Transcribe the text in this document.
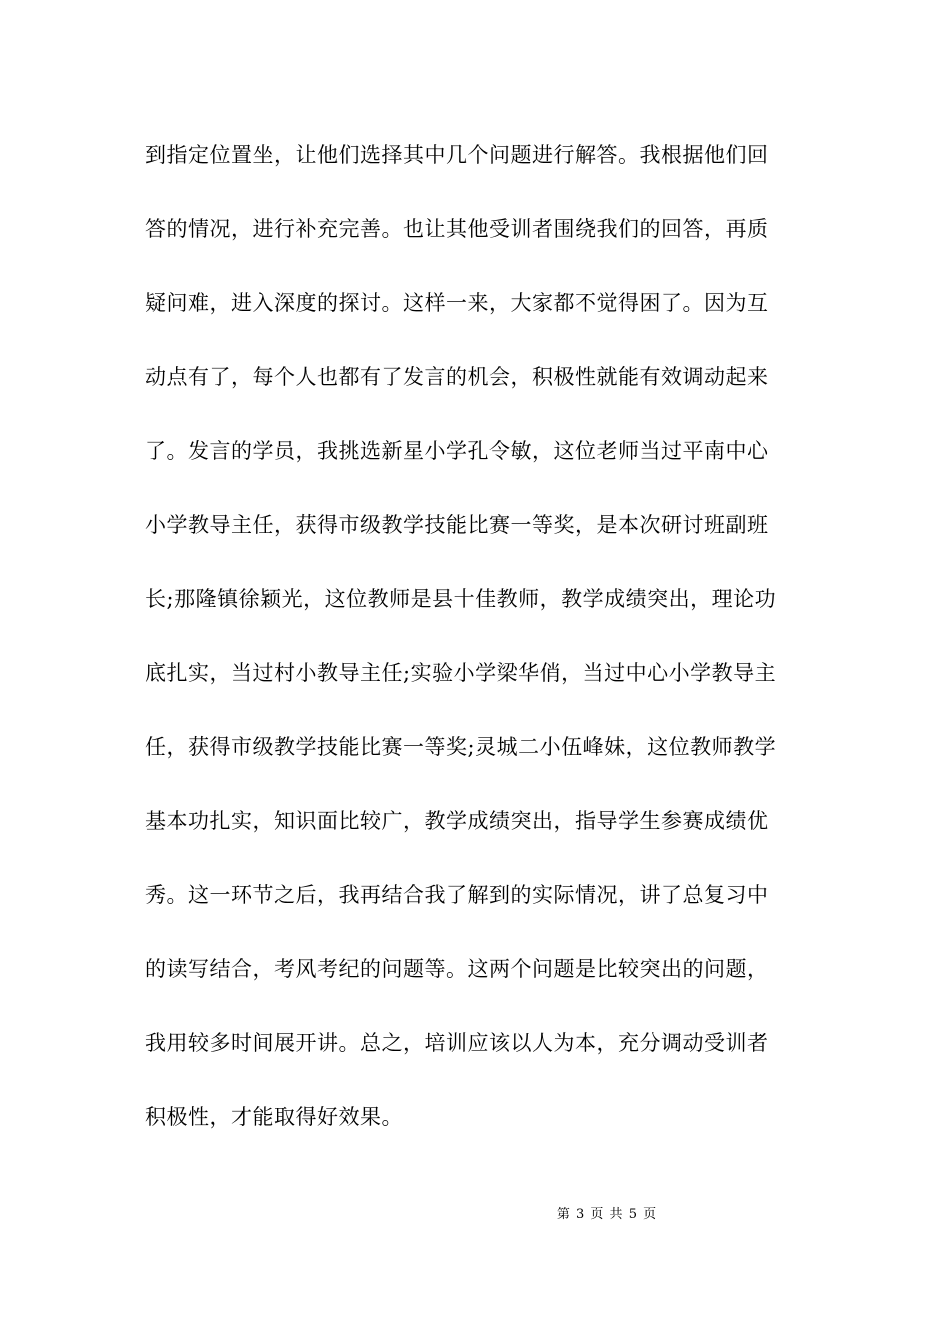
到指定位置坐，让他们选择其中几个问题进行解答。我根据他们回
答的情况，进行补充完善。也让其他受训者围绕我们的回答，再质
疑问难，进入深度的探讨。这样一来，大家都不觉得困了。因为互
动点有了，每个人也都有了发言的机会，积极性就能有效调动起来
了。发言的学员，我挑选新星小学孔令敏，这位老师当过平南中心
小学教导主任，获得市级教学技能比赛一等奖，是本次研讨班副班
长;那隆镇徐颖光，这位教师是县十佳教师，教学成绩突出，理论功
底扎实，当过村小教导主任;实验小学梁华俏，当过中心小学教导主
任，获得市级教学技能比赛一等奖;灵城二小伍峰妹，这位教师教学
基本功扎实，知识面比较广，教学成绩突出，指导学生参赛成绩优
秀。这一环节之后，我再结合我了解到的实际情况，讲了总复习中
的读写结合，考风考纪的问题等。这两个问题是比较突出的问题，
我用较多时间展开讲。总之，培训应该以人为本，充分调动受训者
积极性，才能取得好效果。
第 3 页 共 5 页
